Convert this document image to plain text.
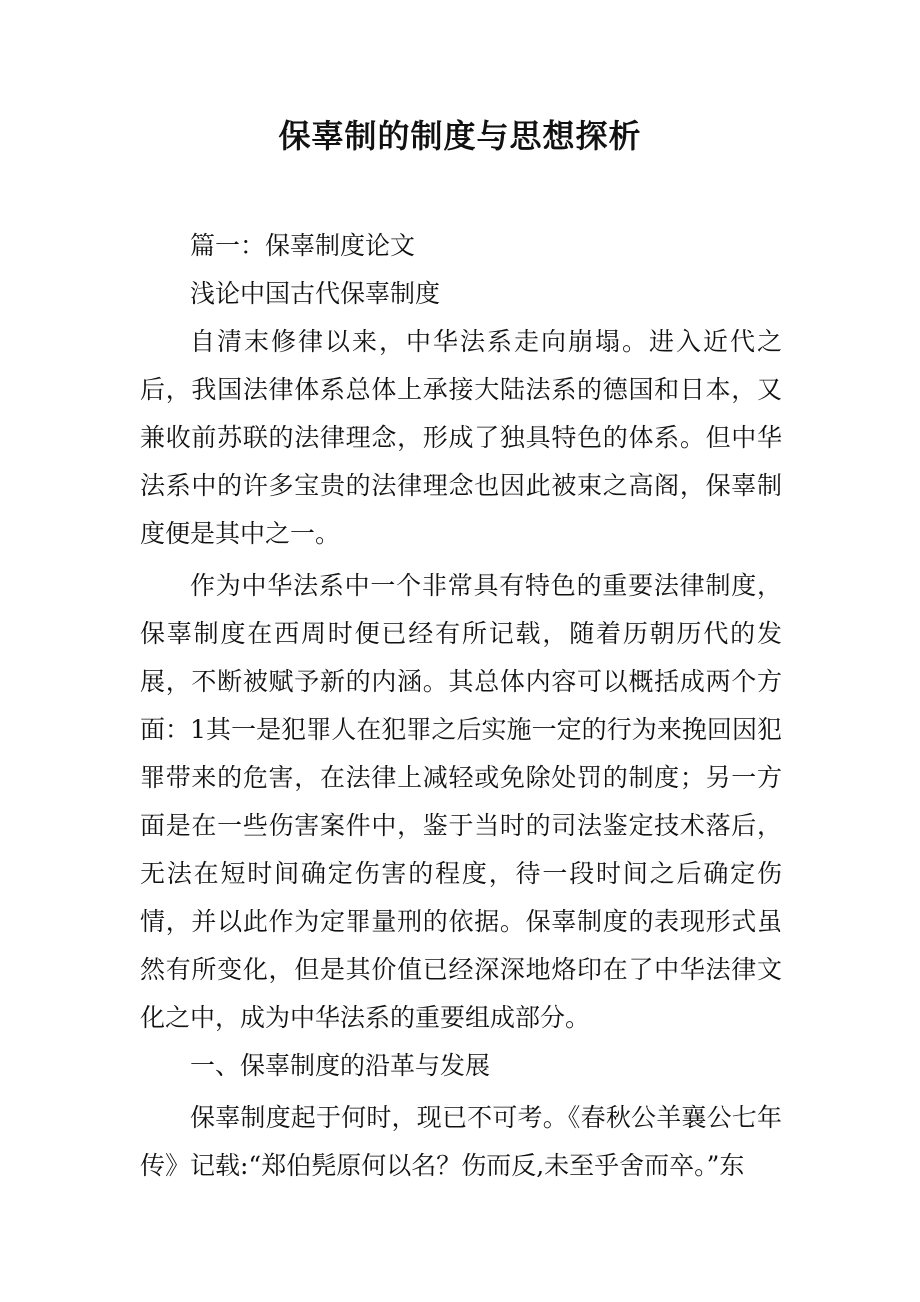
保辜制的制度与思想探析

篇一：保辜制度论文

浅论中国古代保辜制度

自清末修律以来，中华法系走向崩塌。进入近代之后，我国法律体系总体上承接大陆法系的德国和日本，又兼收前苏联的法律理念，形成了独具特色的体系。但中华法系中的许多宝贵的法律理念也因此被束之高阁，保辜制度便是其中之一。

作为中华法系中一个非常具有特色的重要法律制度，保辜制度在西周时便已经有所记载，随着历朝历代的发展，不断被赋予新的内涵。其总体内容可以概括成两个方面：1其一是犯罪人在犯罪之后实施一定的行为来挽回因犯罪带来的危害，在法律上减轻或免除处罚的制度；另一方面是在一些伤害案件中，鉴于当时的司法鉴定技术落后，无法在短时间确定伤害的程度，待一段时间之后确定伤情，并以此作为定罪量刑的依据。保辜制度的表现形式虽然有所变化，但是其价值已经深深地烙印在了中华法律文化之中，成为中华法系的重要组成部分。

一、保辜制度的沿革与发展

保辜制度起于何时，现已不可考。《春秋公羊襄公七年传》记载:“郑伯髡原何以名？伤而反,未至乎舍而卒。”东
